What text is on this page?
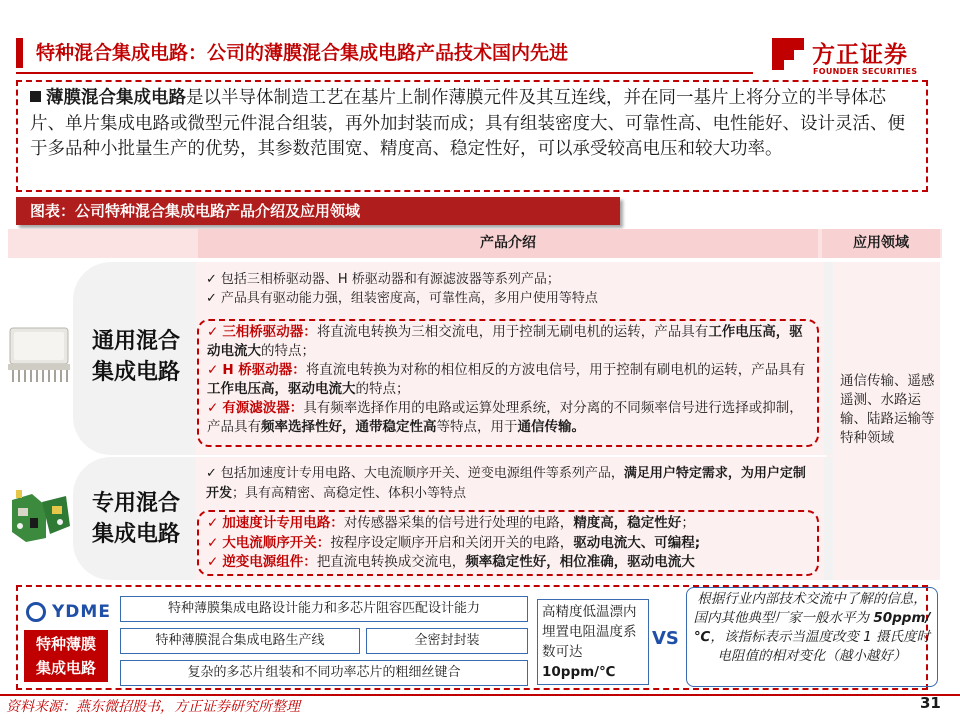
特种混合集成电路：公司的薄膜混合集成电路产品技术国内先进	方正证券
FOUNDER SECURITIES
薄膜混合集成电路是以半导体制造工艺在基片上制作薄膜元件及其互连线，并在同一基片上将分立的半导体芯片、单片集成电路或微型元件混合组装，再外加封装而成；具有组装密度大、可靠性高、电性能好、设计灵活、便于多品种小批量生产的优势，其参数范围宽、精度高、稳定性好，可以承受较高电压和较大功率。
图表：公司特种混合集成电路产品介绍及应用领域
产品介绍	应用领域
通信传输、遥感遥测、水路运输、陆路运输等特种领域
通用混合
集成电路
✓ 包括三相桥驱动器、H 桥驱动器和有源滤波器等系列产品；
✓ 产品具有驱动能力强，组装密度高，可靠性高，多用户使用等特点
✓ 三相桥驱动器：将直流电转换为三相交流电，用于控制无刷电机的运转，产品具有工作电压高，驱动电流大的特点；
✓ H 桥驱动器：将直流电转换为对称的相位相反的方波电信号，用于控制有刷电机的运转，产品具有工作电压高，驱动电流大的特点；
✓ 有源滤波器：具有频率选择作用的电路或运算处理系统，对分离的不同频率信号进行选择或抑制，产品具有频率选择性好，通带稳定性高等特点，用于通信传输。
专用混合
集成电路
✓ 包括加速度计专用电路、大电流顺序开关、逆变电源组件等系列产品，满足用户特定需求，为用户定制开发；具有高精密、高稳定性、体积小等特点
✓ 加速度计专用电路：对传感器采集的信号进行处理的电路，精度高，稳定性好；
✓ 大电流顺序开关：按程序设定顺序开启和关闭开关的电路，驱动电流大、可编程;
✓ 逆变电源组件：把直流电转换成交流电，频率稳定性好，相位准确，驱动电流大
YDME
特种薄膜
集成电路
特种薄膜集成电路设计能力和多芯片阻容匹配设计能力
特种薄膜混合集成电路生产线	全密封封装
复杂的多芯片组装和不同功率芯片的粗细丝键合
高精度低温漂内埋置电阻温度系数可达
10ppm/℃
VS
根据行业内部技术交流中了解的信息，国内其他典型厂家一般水平为 50ppm/℃，该指标表示当温度改变 1 摄氏度时电阻值的相对变化（越小越好）
资料来源：燕东微招股书，方正证券研究所整理	31
